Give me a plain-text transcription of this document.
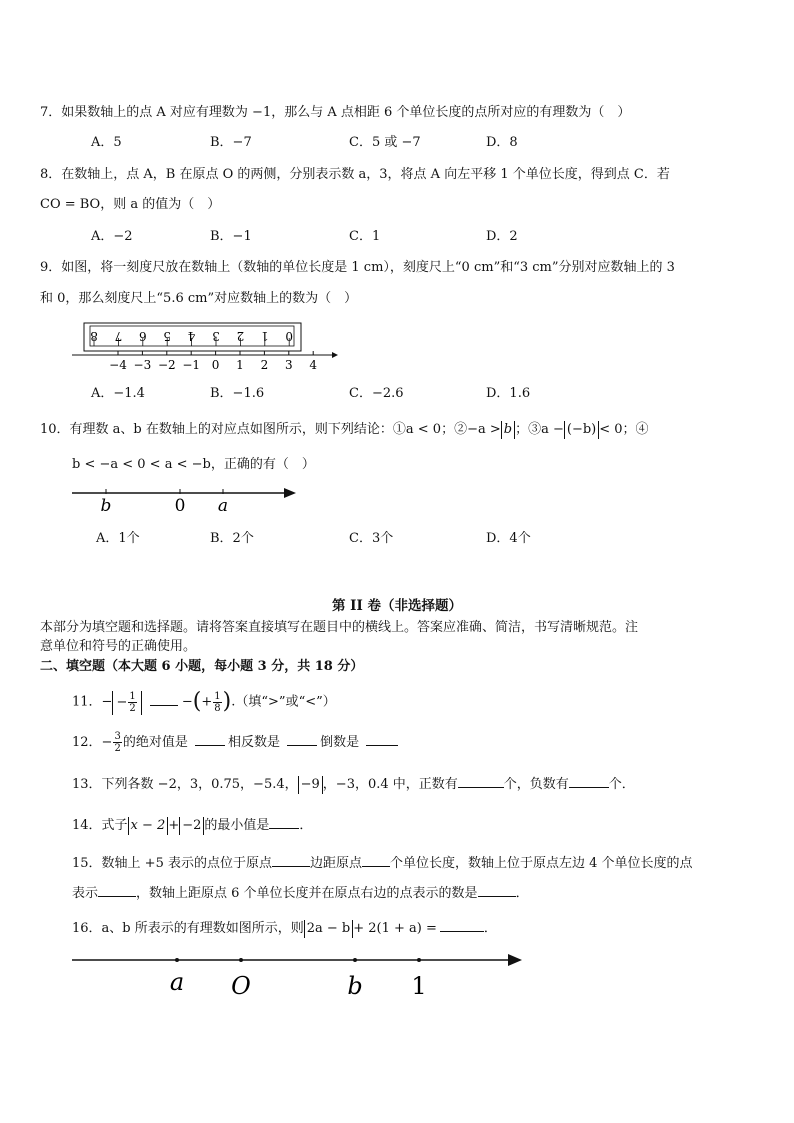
7．如果数轴上的点 A 对应有理数为 −1，那么与 A 点相距 6 个单位长度的点所对应的有理数为（　）
A．5	B．−7	C．5 或 −7	D．8
8．在数轴上，点 A，B 在原点 O 的两侧，分别表示数 a，3，将点 A 向左平移 1 个单位长度，得到点 C．若
CO = BO，则 a 的值为（　）
A．−2	B．−1	C．1	D．2
9．如图，将一刻度尺放在数轴上（数轴的单位长度是 1 cm），刻度尺上“0 cm”和“3 cm”分别对应数轴上的 3
和 0，那么刻度尺上“5.6 cm”对应数轴上的数为（　）
8 7 6 5 4 3 2 1 0
−4 −3 −2 −1 0 1 2 3 4
A．−1.4	B．−1.6	C．−2.6	D．1.6
10．有理数 a、b 在数轴上的对应点如图所示，则下列结论：①a < 0；②−a > b ；③a − (−b) < 0；④
b < −a < 0 < a < −b，正确的有（　）
b	0 a
A．1个	B．2个	C．3个	D．4个
第 II 卷（非选择题）
本部分为填空题和选择题。请将答案直接填写在题目中的横线上。答案应准确、简洁，书写清晰规范。注
意单位和符号的正确使用。
二、填空题（本大题 6 小题，每小题 3 分，共 18 分）
11．− − $\frac{1}{2}$	−(+ $\frac{1}{8}$ ).（填“>”或“<”）
12．− $\frac{3}{2}$ 的绝对值是	相反数是	倒数是
13．下列各数 −2，3，0.75，−5.4， −9 ，−3，0.4 中，正数有	个，负数有	个．
14．式子 x − 2 + −2 的最小值是 ．
15．数轴上 +5 表示的点位于原点	边距原点 个单位长度，数轴上位于原点左边 4 个单位长度的点
表示	，数轴上距原点 6 个单位长度并在原点右边的点表示的数是	．
16．a、b 所表示的有理数如图所示，则 2a − b + 2(1 + a) =	．
a O	b 1
